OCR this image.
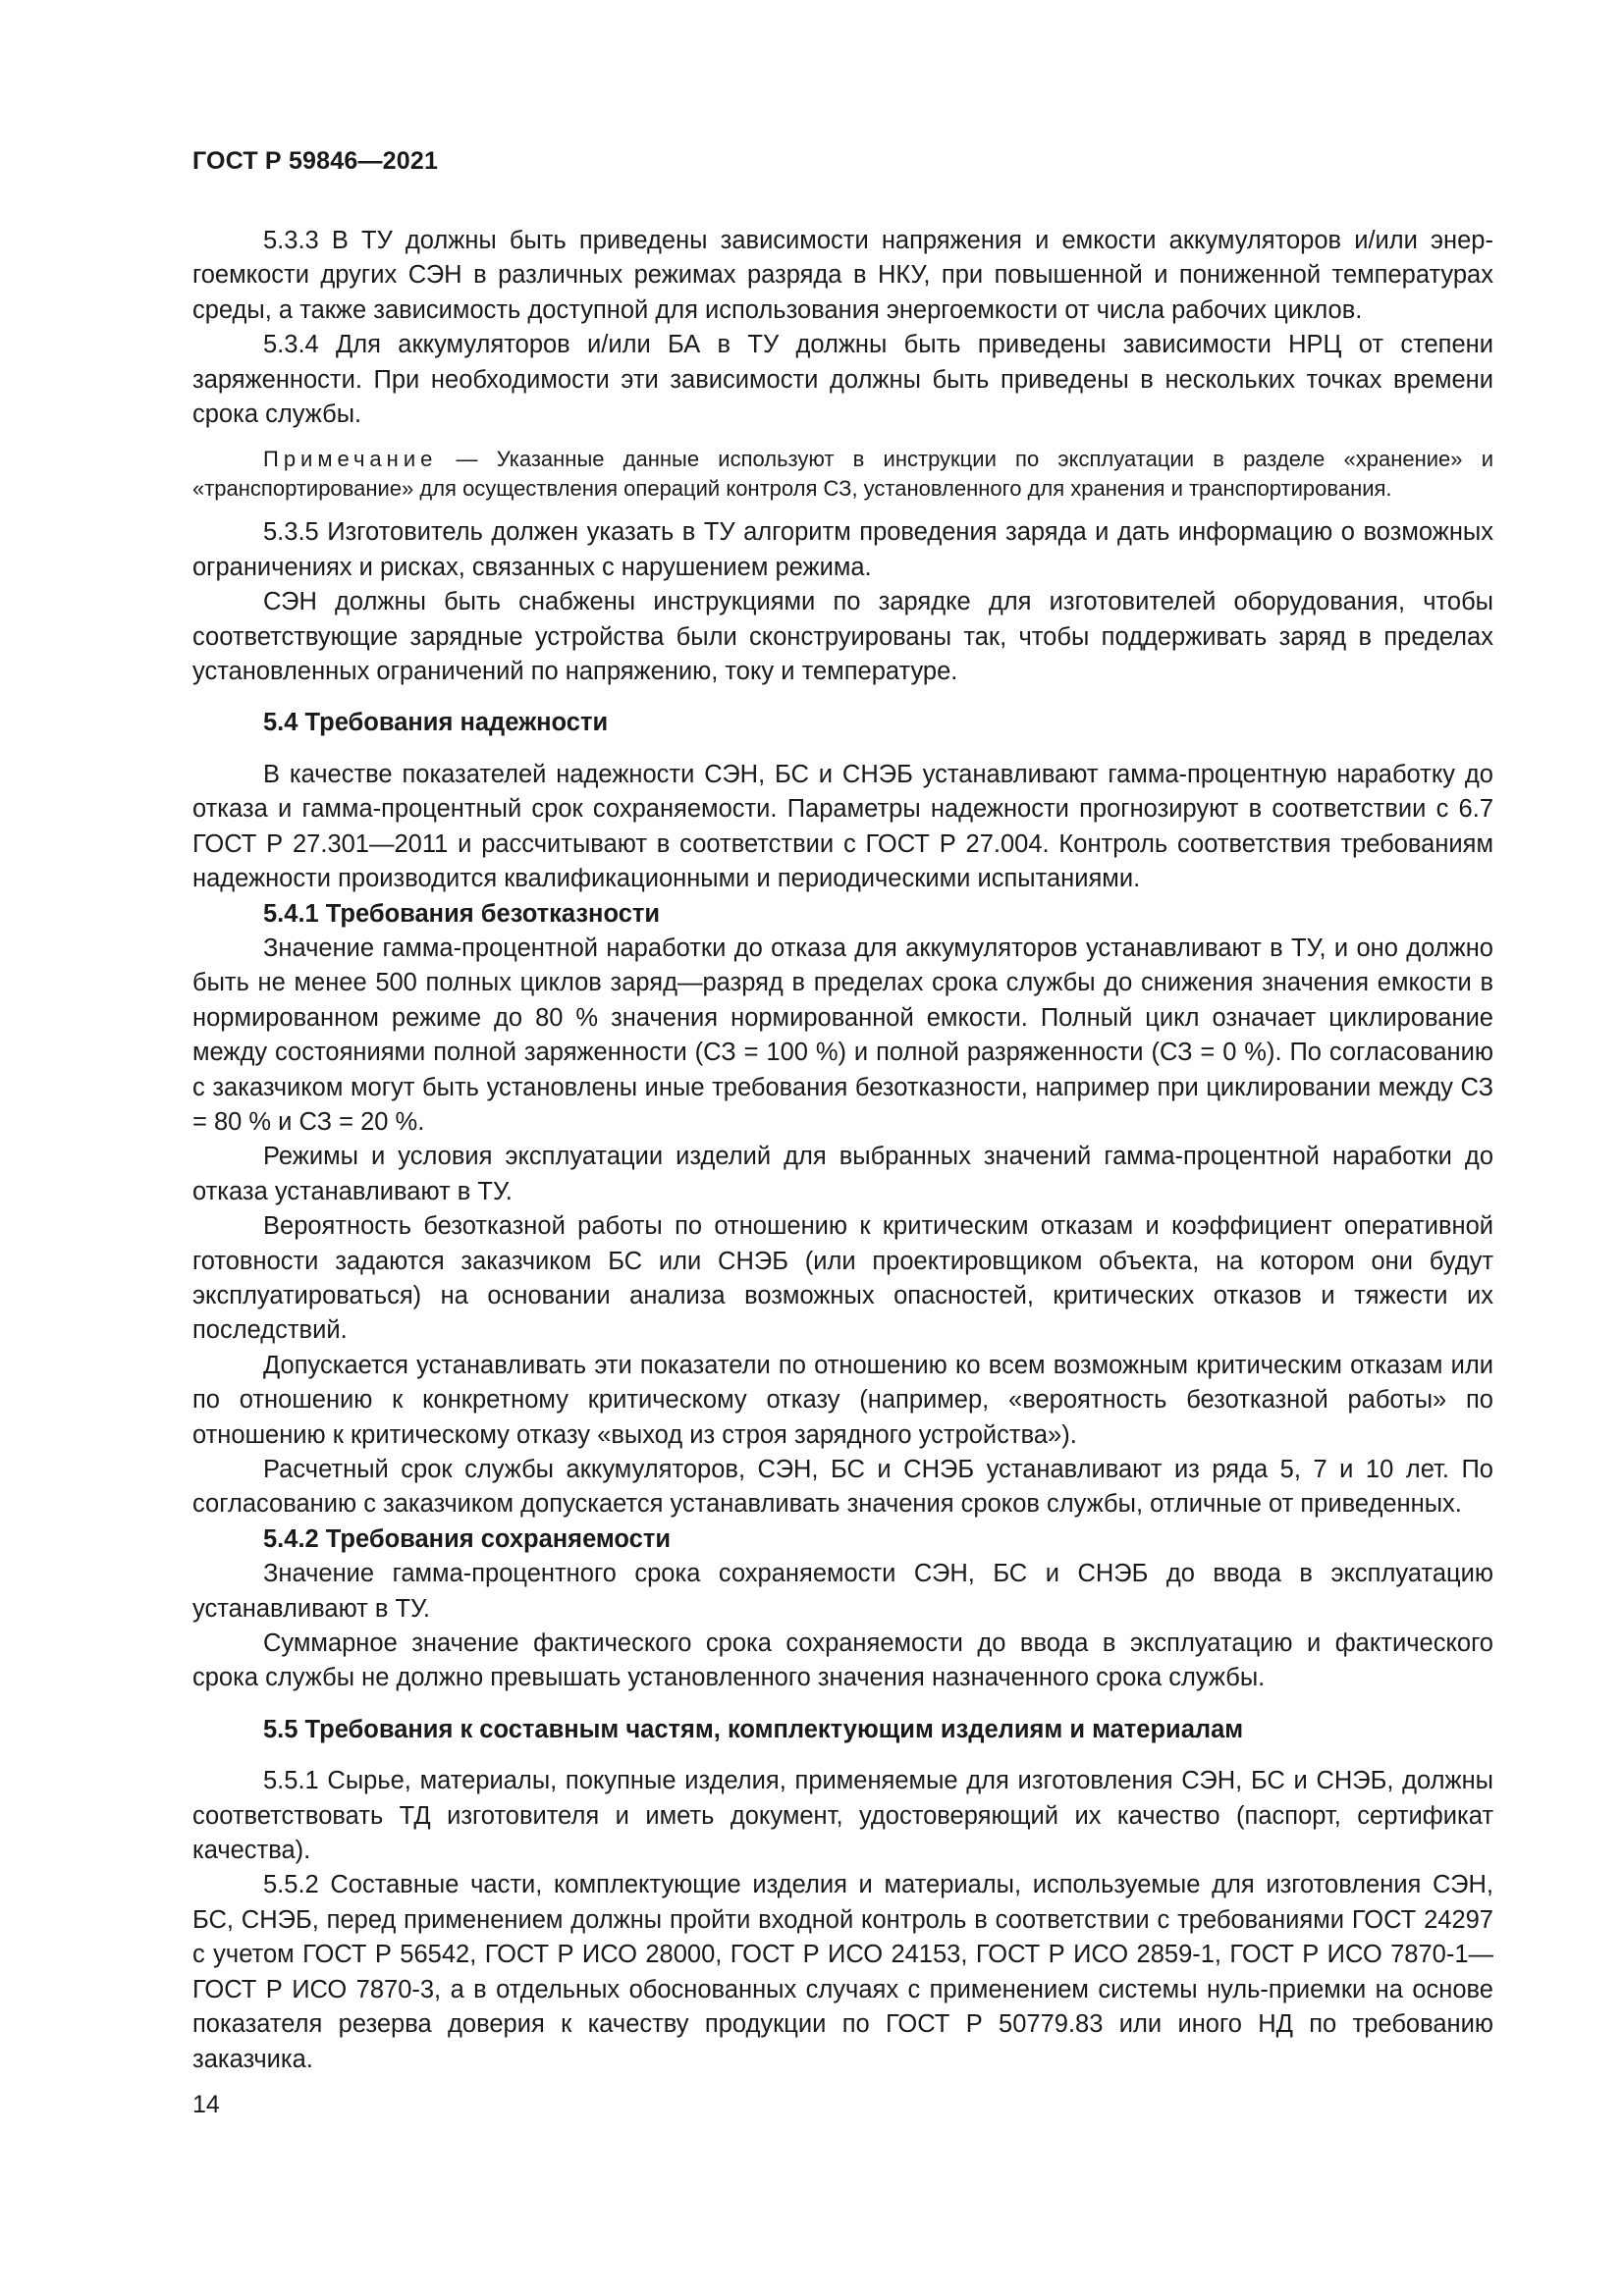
ГОСТ Р 59846—2021

5.3.3 В ТУ должны быть приведены зависимости напряжения и емкости аккумуляторов и/или энергоемкости других СЭН в различных режимах разряда в НКУ, при повышенной и пониженной температурах среды, а также зависимость доступной для использования энергоемкости от числа рабочих циклов.

5.3.4 Для аккумуляторов и/или БА в ТУ должны быть приведены зависимости НРЦ от степени заряженности. При необходимости эти зависимости должны быть приведены в нескольких точках времени срока службы.

Примечание — Указанные данные используют в инструкции по эксплуатации в разделе «хранение» и «транспортирование» для осуществления операций контроля СЗ, установленного для хранения и транспортирования.

5.3.5 Изготовитель должен указать в ТУ алгоритм проведения заряда и дать информацию о возможных ограничениях и рисках, связанных с нарушением режима.

СЭН должны быть снабжены инструкциями по зарядке для изготовителей оборудования, чтобы соответствующие зарядные устройства были сконструированы так, чтобы поддерживать заряд в пределах установленных ограничений по напряжению, току и температуре.

5.4 Требования надежности

В качестве показателей надежности СЭН, БС и СНЭБ устанавливают гамма-процентную наработку до отказа и гамма-процентный срок сохраняемости. Параметры надежности прогнозируют в соответствии с 6.7 ГОСТ Р 27.301—2011 и рассчитывают в соответствии с ГОСТ Р 27.004. Контроль соответствия требованиям надежности производится квалификационными и периодическими испытаниями.

5.4.1 Требования безотказности

Значение гамма-процентной наработки до отказа для аккумуляторов устанавливают в ТУ, и оно должно быть не менее 500 полных циклов заряд—разряд в пределах срока службы до снижения значения емкости в нормированном режиме до 80 % значения нормированной емкости. Полный цикл означает циклирование между состояниями полной заряженности (СЗ = 100 %) и полной разряженности (СЗ = 0 %). По согласованию с заказчиком могут быть установлены иные требования безотказности, например при циклировании между СЗ = 80 % и СЗ = 20 %.

Режимы и условия эксплуатации изделий для выбранных значений гамма-процентной наработки до отказа устанавливают в ТУ.

Вероятность безотказной работы по отношению к критическим отказам и коэффициент оперативной готовности задаются заказчиком БС или СНЭБ (или проектировщиком объекта, на котором они будут эксплуатироваться) на основании анализа возможных опасностей, критических отказов и тяжести их последствий.

Допускается устанавливать эти показатели по отношению ко всем возможным критическим отказам или по отношению к конкретному критическому отказу (например, «вероятность безотказной работы» по отношению к критическому отказу «выход из строя зарядного устройства»).

Расчетный срок службы аккумуляторов, СЭН, БС и СНЭБ устанавливают из ряда 5, 7 и 10 лет. По согласованию с заказчиком допускается устанавливать значения сроков службы, отличные от приведенных.

5.4.2 Требования сохраняемости

Значение гамма-процентного срока сохраняемости СЭН, БС и СНЭБ до ввода в эксплуатацию устанавливают в ТУ.

Суммарное значение фактического срока сохраняемости до ввода в эксплуатацию и фактического срока службы не должно превышать установленного значения назначенного срока службы.

5.5 Требования к составным частям, комплектующим изделиям и материалам

5.5.1 Сырье, материалы, покупные изделия, применяемые для изготовления СЭН, БС и СНЭБ, должны соответствовать ТД изготовителя и иметь документ, удостоверяющий их качество (паспорт, сертификат качества).

5.5.2 Составные части, комплектующие изделия и материалы, используемые для изготовления СЭН, БС, СНЭБ, перед применением должны пройти входной контроль в соответствии с требованиями ГОСТ 24297 с учетом ГОСТ Р 56542, ГОСТ Р ИСО 28000, ГОСТ Р ИСО 24153, ГОСТ Р ИСО 2859-1, ГОСТ Р ИСО 7870-1— ГОСТ Р ИСО 7870-3, а в отдельных обоснованных случаях с применением системы нуль-приемки на основе показателя резерва доверия к качеству продукции по ГОСТ Р 50779.83 или иного НД по требованию заказчика.

14
